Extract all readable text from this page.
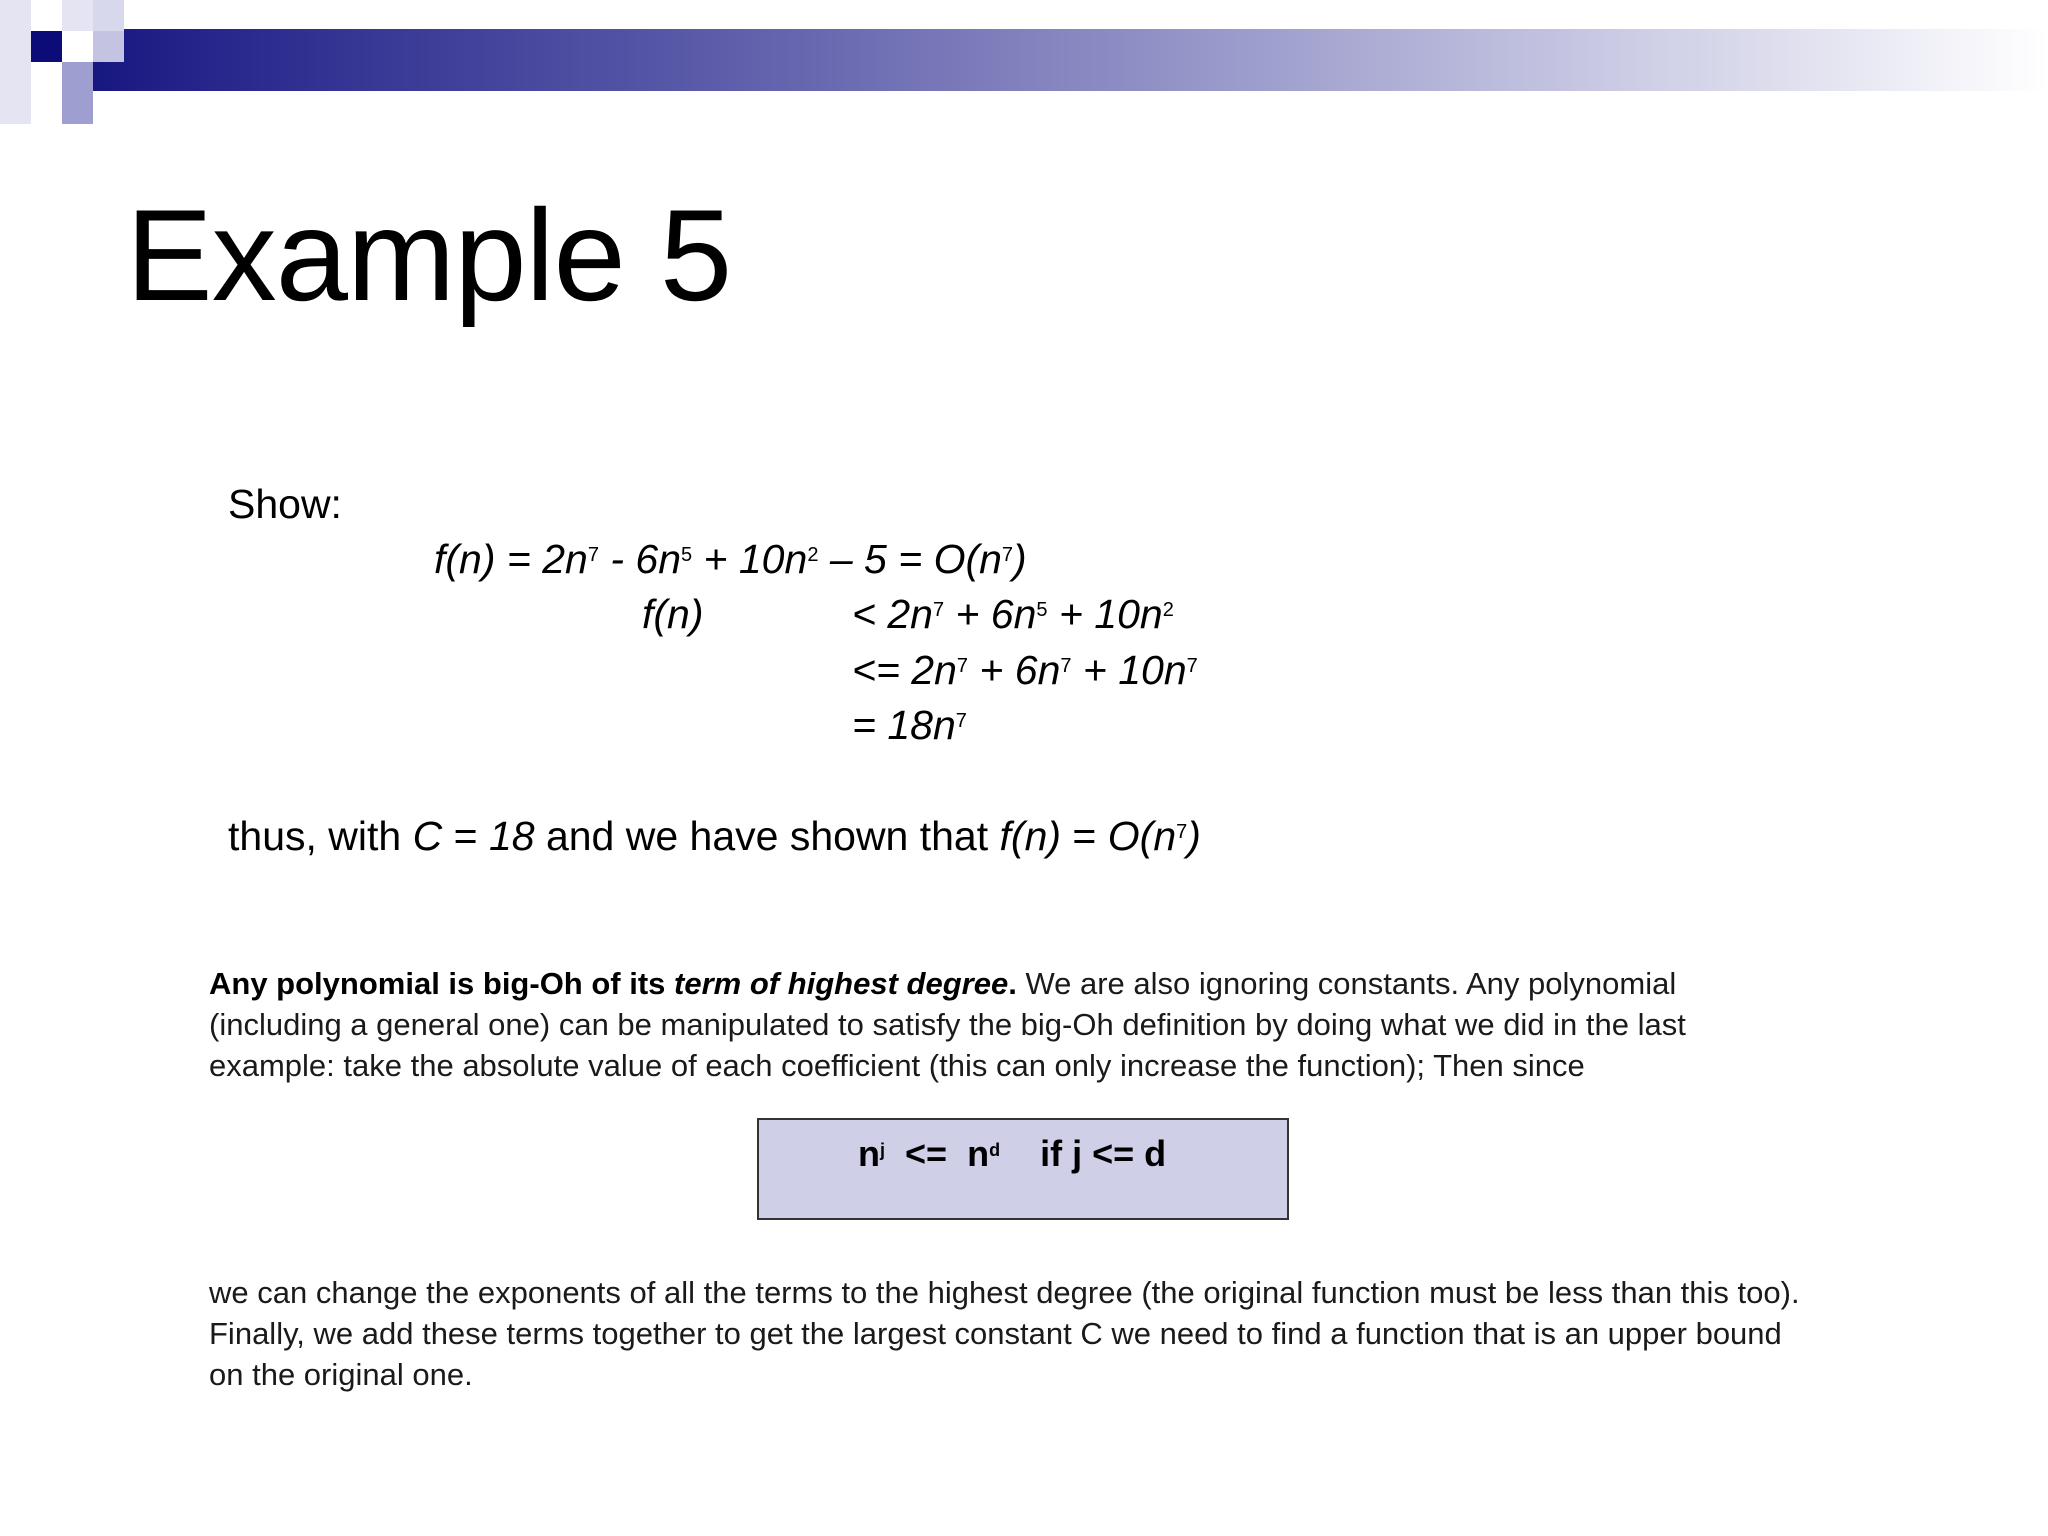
Example 5
Show:
$f(n) = 2n^7 - 6n^5 + 10n^2 - 5 = O(n^7)$
f(n)	< $2n^7 + 6n^5 + 10n^2$
<= $2n^7 + 6n^7 + 10n^7$
= $18n^7$
thus, with C = 18 and we have shown that $f(n) = O(n^7)$

Any polynomial is big-Oh of its term of highest degree. We are also ignoring constants. Any polynomial (including a general one) can be manipulated to satisfy the big-Oh definition by doing what we did in the last example: take the absolute value of each coefficient (this can only increase the function); Then since

$n^j <= n^d$    if j <= d

we can change the exponents of all the terms to the highest degree (the original function must be less than this too). Finally, we add these terms together to get the largest constant C we need to find a function that is an upper bound on the original one.
